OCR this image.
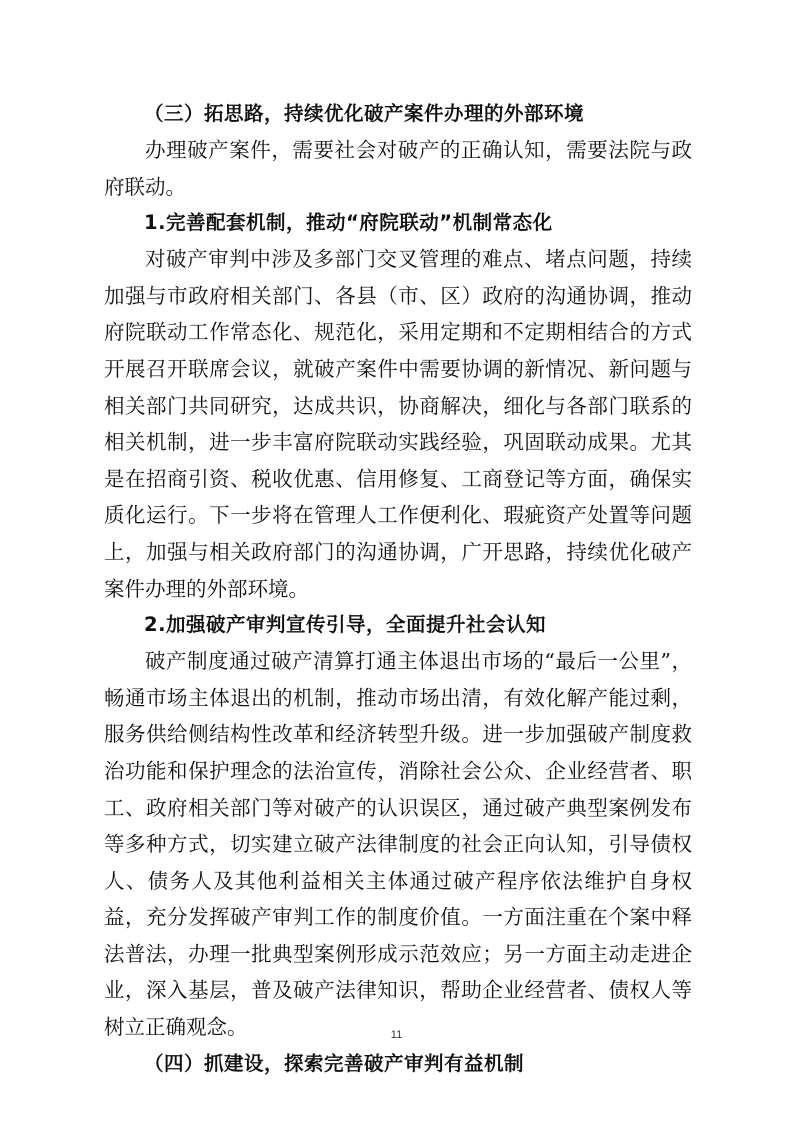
（三）拓思路，持续优化破产案件办理的外部环境

办理破产案件，需要社会对破产的正确认知，需要法院与政
府联动。

1.完善配套机制，推动“府院联动”机制常态化

对破产审判中涉及多部门交叉管理的难点、堵点问题，持续
加强与市政府相关部门、各县（市、区）政府的沟通协调，推动
府院联动工作常态化、规范化，采用定期和不定期相结合的方式
开展召开联席会议，就破产案件中需要协调的新情况、新问题与
相关部门共同研究，达成共识，协商解决，细化与各部门联系的
相关机制，进一步丰富府院联动实践经验，巩固联动成果。尤其
是在招商引资、税收优惠、信用修复、工商登记等方面，确保实
质化运行。下一步将在管理人工作便利化、瑕疵资产处置等问题
上，加强与相关政府部门的沟通协调，广开思路，持续优化破产
案件办理的外部环境。

2.加强破产审判宣传引导，全面提升社会认知

破产制度通过破产清算打通主体退出市场的“最后一公里”，
畅通市场主体退出的机制，推动市场出清，有效化解产能过剩，
服务供给侧结构性改革和经济转型升级。进一步加强破产制度救
治功能和保护理念的法治宣传，消除社会公众、企业经营者、职
工、政府相关部门等对破产的认识误区，通过破产典型案例发布
等多种方式，切实建立破产法律制度的社会正向认知，引导债权
人、债务人及其他利益相关主体通过破产程序依法维护自身权
益，充分发挥破产审判工作的制度价值。一方面注重在个案中释
法普法，办理一批典型案例形成示范效应；另一方面主动走进企
业，深入基层，普及破产法律知识，帮助企业经营者、债权人等
树立正确观念。

（四）抓建设，探索完善破产审判有益机制
11
